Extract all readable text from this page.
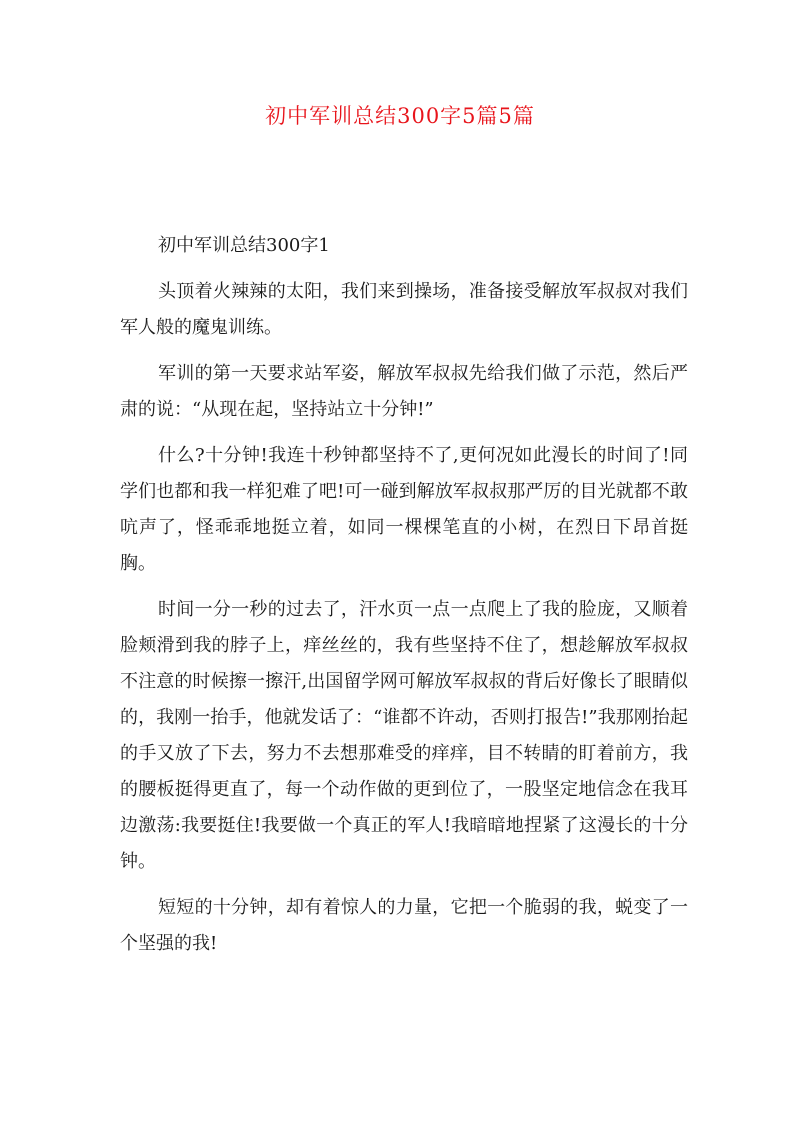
初中军训总结300字5篇5篇

初中军训总结300字1

头顶着火辣辣的太阳，我们来到操场，准备接受解放军叔叔对我们军人般的魔鬼训练。

军训的第一天要求站军姿，解放军叔叔先给我们做了示范，然后严肃的说：“从现在起，坚持站立十分钟!”

什么?十分钟!我连十秒钟都坚持不了,更何况如此漫长的时间了!同学们也都和我一样犯难了吧!可一碰到解放军叔叔那严厉的目光就都不敢吭声了，怪乖乖地挺立着，如同一棵棵笔直的小树，在烈日下昂首挺胸。

时间一分一秒的过去了，汗水页一点一点爬上了我的脸庞，又顺着脸颊滑到我的脖子上，痒丝丝的，我有些坚持不住了，想趁解放军叔叔不注意的时候擦一擦汗,出国留学网可解放军叔叔的背后好像长了眼睛似的，我刚一抬手，他就发话了：“谁都不许动，否则打报告!”我那刚抬起的手又放了下去，努力不去想那难受的痒痒，目不转睛的盯着前方，我的腰板挺得更直了，每一个动作做的更到位了，一股坚定地信念在我耳边激荡:我要挺住!我要做一个真正的军人!我暗暗地捏紧了这漫长的十分钟。

短短的十分钟，却有着惊人的力量，它把一个脆弱的我，蜕变了一个坚强的我!
